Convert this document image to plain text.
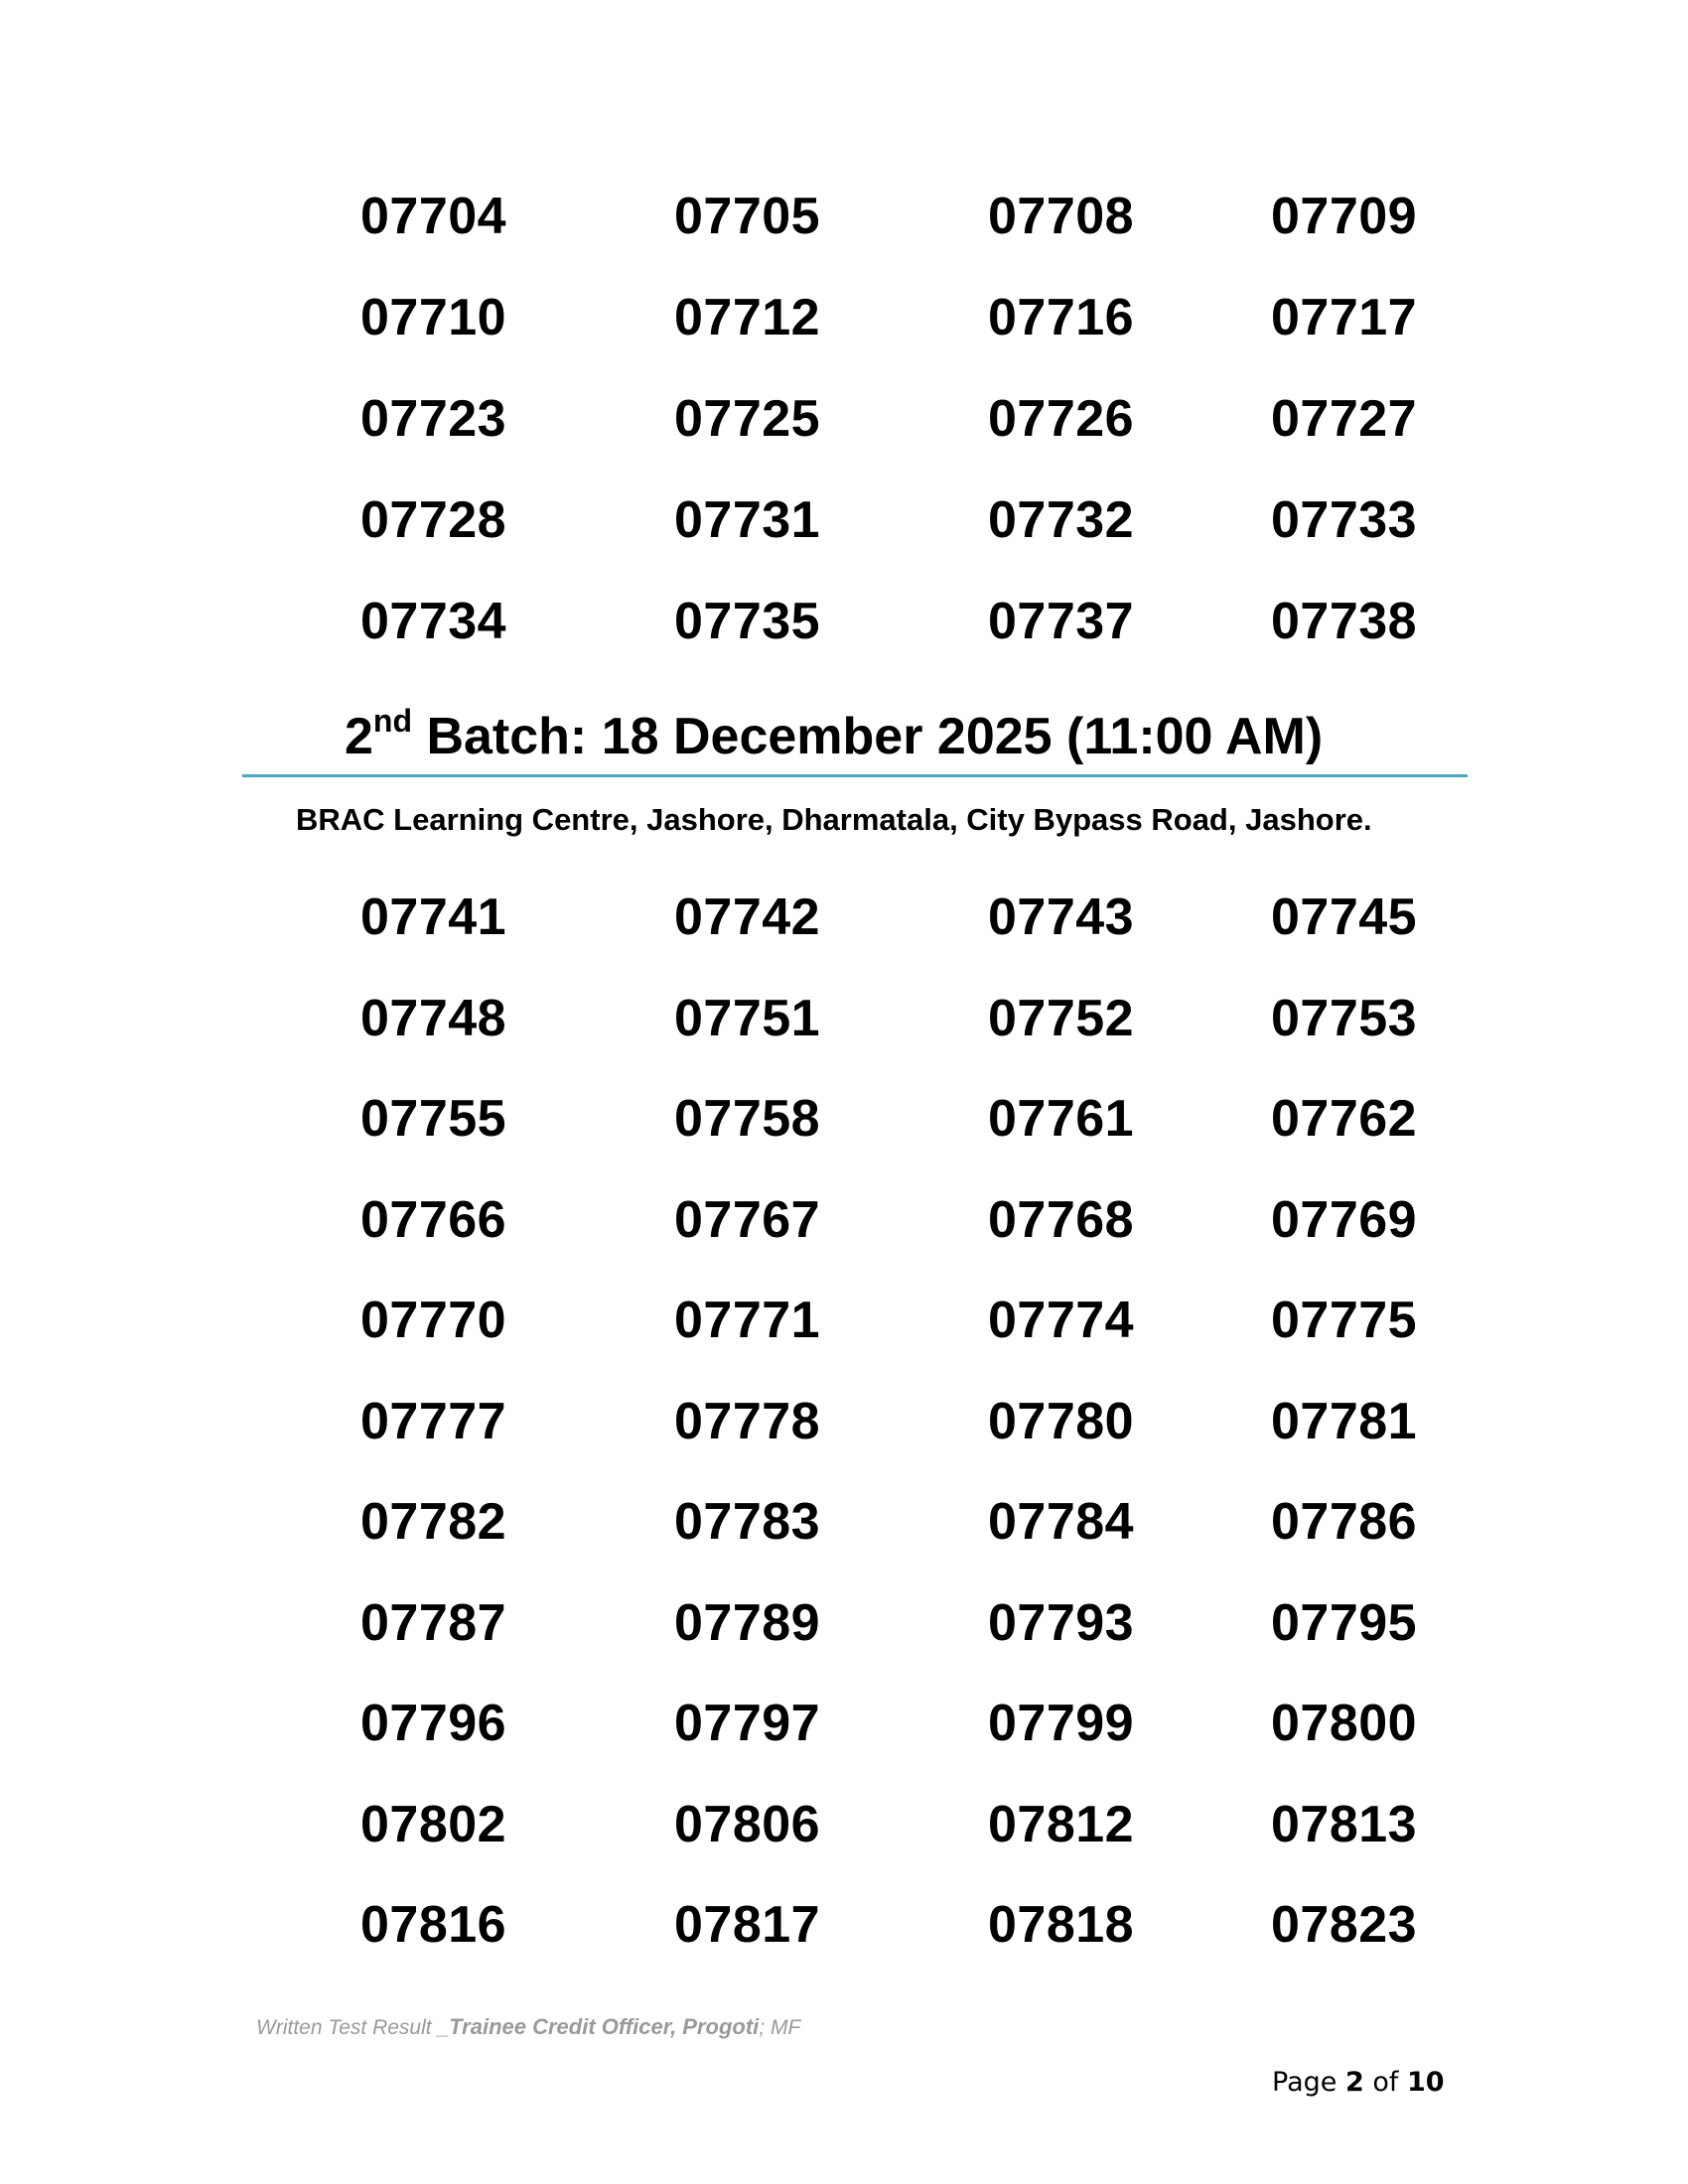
07704	07705	07708	07709
07710	07712	07716	07717
07723	07725	07726	07727
07728	07731	07732	07733
07734	07735	07737	07738
2nd Batch: 18 December 2025 (11:00 AM)
BRAC Learning Centre, Jashore, Dharmatala, City Bypass Road, Jashore.
07741	07742	07743	07745
07748	07751	07752	07753
07755	07758	07761	07762
07766	07767	07768	07769
07770	07771	07774	07775
07777	07778	07780	07781
07782	07783	07784	07786
07787	07789	07793	07795
07796	07797	07799	07800
07802	07806	07812	07813
07816	07817	07818	07823
Written Test Result _Trainee Credit Officer, Progoti; MF
Page 2 of 10
